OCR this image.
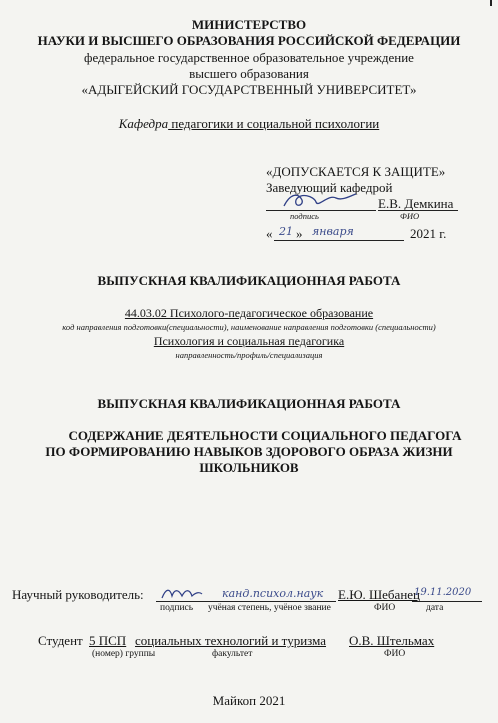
МИНИСТЕРСТВО
НАУКИ И ВЫСШЕГО ОБРАЗОВАНИЯ РОССИЙСКОЙ ФЕДЕРАЦИИ
федеральное государственное образовательное учреждение
высшего образования
«АДЫГЕЙСКИЙ ГОСУДАРСТВЕННЫЙ УНИВЕРСИТЕТ»
Кафедра педагогики и социальной психологии
«ДОПУСКАЕТСЯ К ЗАЩИТЕ»
Заведующий кафедрой
Е.В. Демкина
подпись	ФИО
« 21 » января	2021 г.
ВЫПУСКНАЯ КВАЛИФИКАЦИОННАЯ РАБОТА
44.03.02 Психолого-педагогическое образование
код направления подготовки(специальности), наименование направления подготовки (специальности)
Психология и социальная педагогика
направленность/профиль/специализация
ВЫПУСКНАЯ КВАЛИФИКАЦИОННАЯ РАБОТА
СОДЕРЖАНИЕ ДЕЯТЕЛЬНОСТИ СОЦИАЛЬНОГО ПЕДАГОГА
ПО ФОРМИРОВАНИЮ НАВЫКОВ ЗДОРОВОГО ОБРАЗА ЖИЗНИ
ШКОЛЬНИКОВ
Научный руководитель:	канд.психол.наук Е.Ю. Шебанец
19.11.2020
подпись учёная степень, учёное звание	ФИО	дата
Студент 5 ПСП социальных технологий и туризма О.В. Штельмах
(номер) группы	факультет	ФИО
Майкоп 2021
